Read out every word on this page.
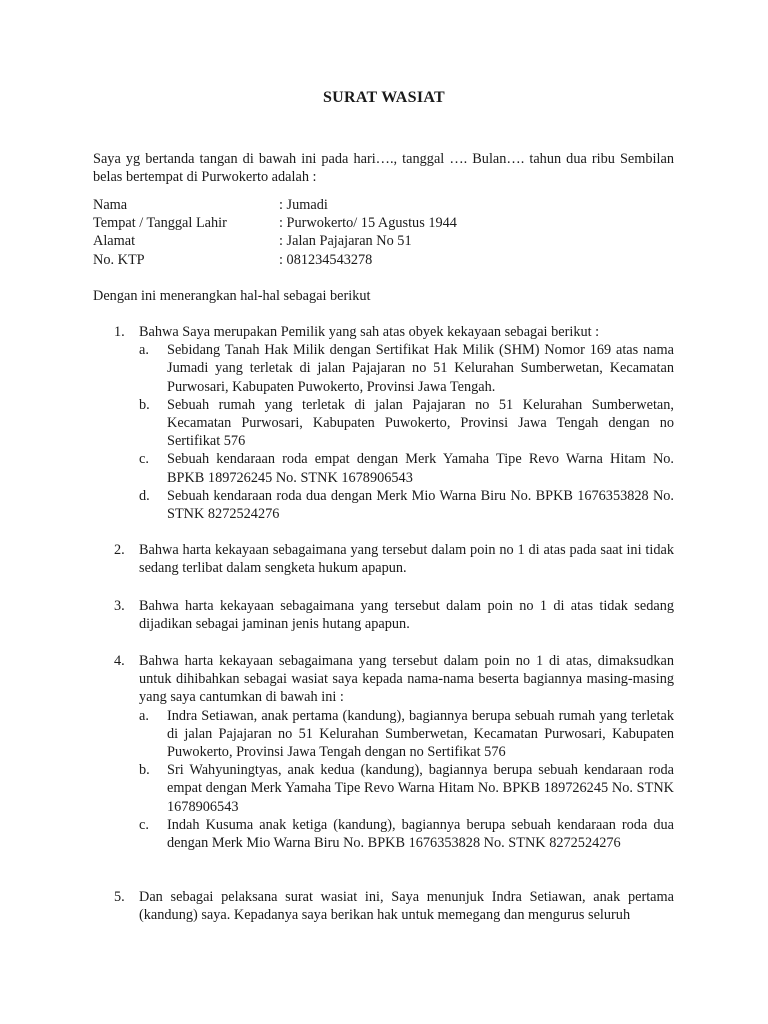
SURAT WASIAT
Saya yg bertanda tangan di bawah ini pada hari…., tanggal …. Bulan…. tahun dua ribu Sembilan belas bertempat di Purwokerto adalah :
Nama	: Jumadi
Tempat / Tanggal Lahir	: Purwokerto/ 15 Agustus 1944
Alamat	: Jalan Pajajaran No 51
No. KTP	: 081234543278
Dengan ini menerangkan hal-hal sebagai berikut
1. Bahwa Saya merupakan Pemilik yang sah atas obyek kekayaan sebagai berikut :
a. Sebidang Tanah Hak Milik dengan Sertifikat Hak Milik (SHM) Nomor 169 atas nama Jumadi yang terletak di jalan Pajajaran no 51 Kelurahan Sumberwetan, Kecamatan Purwosari, Kabupaten Puwokerto, Provinsi Jawa Tengah.
b. Sebuah rumah yang terletak di jalan Pajajaran no 51 Kelurahan Sumberwetan, Kecamatan Purwosari, Kabupaten Puwokerto, Provinsi Jawa Tengah dengan no Sertifikat 576
c. Sebuah kendaraan roda empat dengan Merk Yamaha Tipe Revo Warna Hitam No. BPKB 189726245 No. STNK 1678906543
d. Sebuah kendaraan roda dua dengan Merk Mio Warna Biru No. BPKB 1676353828 No. STNK 8272524276
2. Bahwa harta kekayaan sebagaimana yang tersebut dalam poin no 1 di atas pada saat ini tidak sedang terlibat dalam sengketa hukum apapun.
3. Bahwa harta kekayaan sebagaimana yang tersebut dalam poin no 1 di atas tidak sedang dijadikan sebagai jaminan jenis hutang apapun.
4. Bahwa harta kekayaan sebagaimana yang tersebut dalam poin no 1 di atas, dimaksudkan untuk dihibahkan sebagai wasiat saya kepada nama-nama beserta bagiannya masing-masing yang saya cantumkan di bawah ini :
a. Indra Setiawan, anak pertama (kandung), bagiannya berupa sebuah rumah yang terletak di jalan Pajajaran no 51 Kelurahan Sumberwetan, Kecamatan Purwosari, Kabupaten Puwokerto, Provinsi Jawa Tengah dengan no Sertifikat 576
b. Sri Wahyuningtyas, anak kedua (kandung), bagiannya berupa sebuah kendaraan roda empat dengan Merk Yamaha Tipe Revo Warna Hitam No. BPKB 189726245 No. STNK 1678906543
c. Indah Kusuma anak ketiga (kandung), bagiannya berupa sebuah kendaraan roda dua dengan Merk Mio Warna Biru No. BPKB 1676353828 No. STNK 8272524276
5. Dan sebagai pelaksana surat wasiat ini, Saya menunjuk Indra Setiawan, anak pertama (kandung) saya. Kepadanya saya berikan hak untuk memegang dan mengurus seluruh
